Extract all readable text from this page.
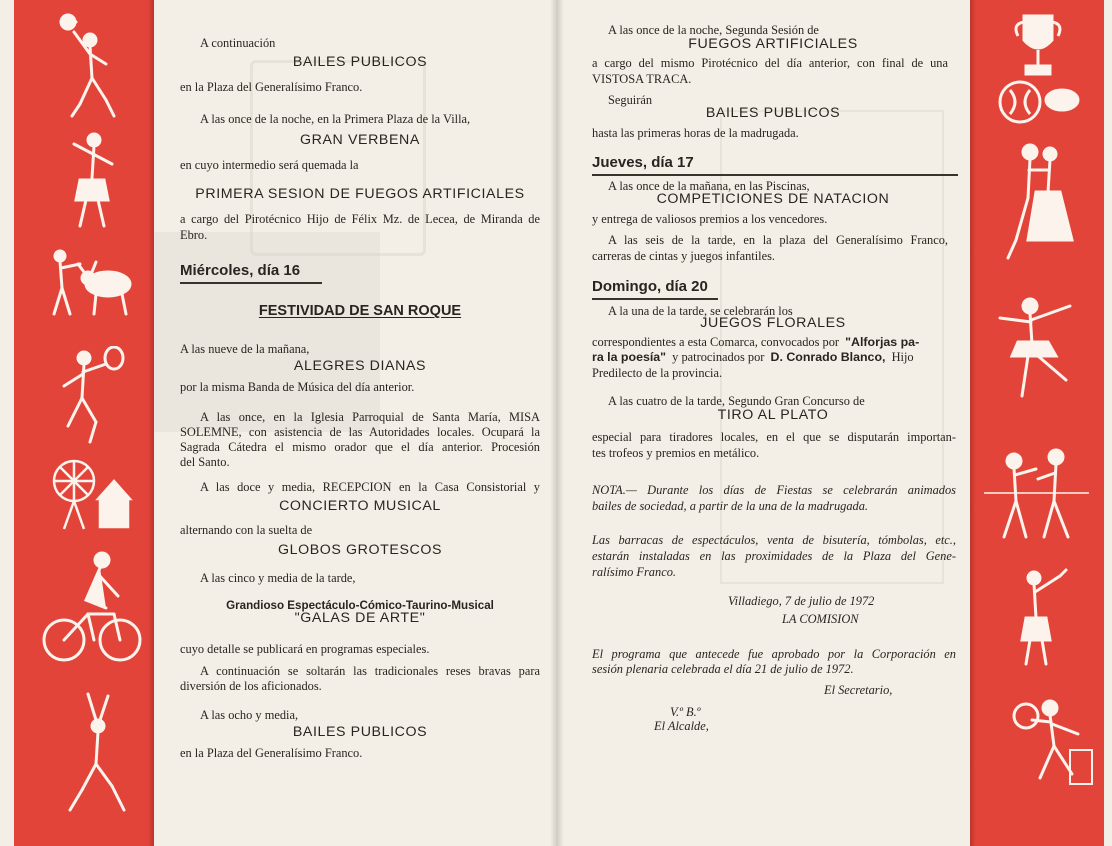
A continuación
BAILES PUBLICOS
en la Plaza del Generalísimo Franco.
A las once de la noche, en la Primera Plaza de la Villa,
GRAN VERBENA
en cuyo intermedio será quemada la
PRIMERA SESION DE FUEGOS ARTIFICIALES
a cargo del Pirotécnico Hijo de Félix Mz. de Lecea, de Miranda de
Ebro.
Miércoles, día 16
FESTIVIDAD DE SAN ROQUE
A las nueve de la mañana,
ALEGRES DIANAS
por la misma Banda de Música del día anterior.
A las once, en la Iglesia Parroquial de Santa María, MISA
SOLEMNE, con asistencia de las Autoridades locales. Ocupará la
Sagrada Cátedra el mismo orador que el día anterior. Procesión
del Santo.
A las doce y media, RECEPCION en la Casa Consistorial y
CONCIERTO MUSICAL
alternando con la suelta de
GLOBOS GROTESCOS
A las cinco y media de la tarde,
Grandioso Espectáculo-Cómico-Taurino-Musical
"GALAS DE ARTE"
cuyo detalle se publicará en programas especiales.
A continuación se soltarán las tradicionales reses bravas para
diversión de los aficionados.
A las ocho y media,
BAILES PUBLICOS
en la Plaza del Generalísimo Franco.
A las once de la noche, Segunda Sesión de
FUEGOS ARTIFICIALES
a cargo del mismo Pirotécnico del día anterior, con final de una
VISTOSA TRACA.
Seguirán
BAILES PUBLICOS
hasta las primeras horas de la madrugada.
Jueves, día 17
A las once de la mañana, en las Piscinas,
COMPETICIONES DE NATACION
y entrega de valiosos premios a los vencedores.
A las seis de la tarde, en la plaza del Generalísimo Franco,
carreras de cintas y juegos infantiles.
Domingo, día 20
A la una de la tarde, se celebrarán los
JUEGOS FLORALES
correspondientes a esta Comarca, convocados por "Alforjas pa-
ra la poesía" y patrocinados por D. Conrado Blanco, Hijo
Predilecto de la provincia.
A las cuatro de la tarde, Segundo Gran Concurso de
TIRO AL PLATO
especial para tiradores locales, en el que se disputarán importan-
tes trofeos y premios en metálico.
NOTA.— Durante los días de Fiestas se celebrarán animados
bailes de sociedad, a partir de la una de la madrugada.
Las barracas de espectáculos, venta de bisutería, tómbolas, etc.,
estarán instaladas en las proximidades de la Plaza del Gene-
ralísimo Franco.
Villadiego, 7 de julio de 1972
LA COMISION
El programa que antecede fue aprobado por la Corporación en
sesión plenaria celebrada el día 21 de julio de 1972.
El Secretario,
V.º B.º
El Alcalde,
